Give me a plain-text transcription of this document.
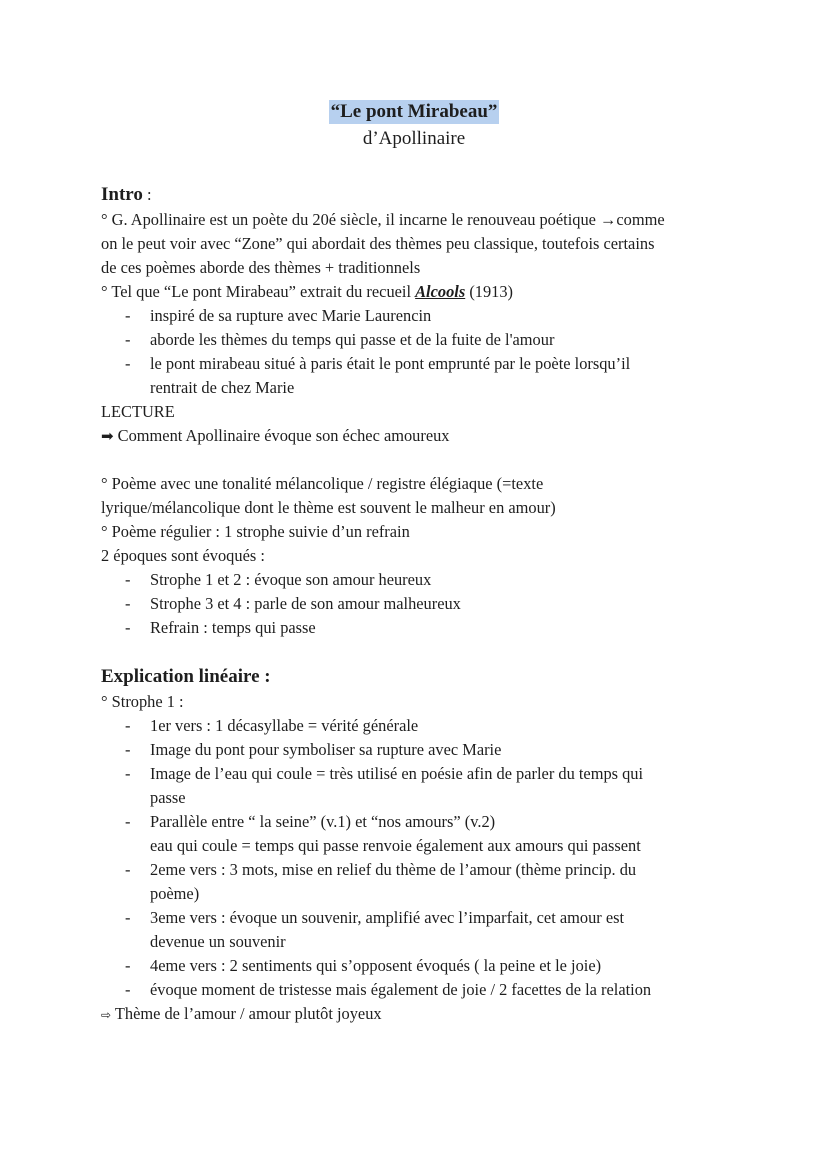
“Le pont Mirabeau”
d’Apollinaire
Intro :
° G. Apollinaire est un poète du 20é siècle, il incarne le renouveau poétique →comme
on le peut voir avec “Zone” qui abordait des thèmes peu classique, toutefois certains
de ces poèmes aborde des thèmes + traditionnels
° Tel que “Le pont Mirabeau” extrait du recueil Alcools (1913)
- inspiré de sa rupture avec Marie Laurencin
- aborde les thèmes du temps qui passe et de la fuite de l'amour
- le pont mirabeau situé à paris était le pont emprunté par le poète lorsqu’il
rentrait de chez Marie
LECTURE
➡ Comment Apollinaire évoque son échec amoureux
° Poème avec une tonalité mélancolique / registre élégiaque (=texte
lyrique/mélancolique dont le thème est souvent le malheur en amour)
° Poème régulier : 1 strophe suivie d’un refrain
2 époques sont évoqués :
- Strophe 1 et 2 : évoque son amour heureux
- Strophe 3 et 4 : parle de son amour malheureux
- Refrain : temps qui passe
Explication linéaire :
° Strophe 1 :
- 1er vers : 1 décasyllabe = vérité générale
- Image du pont pour symboliser sa rupture avec Marie
- Image de l’eau qui coule = très utilisé en poésie afin de parler du temps qui
passe
- Parallèle entre “ la seine” (v.1) et “nos amours” (v.2)
eau qui coule = temps qui passe renvoie également aux amours qui passent
- 2eme vers : 3 mots, mise en relief du thème de l’amour (thème princip. du
poème)
- 3eme vers : évoque un souvenir, amplifié avec l’imparfait, cet amour est
devenue un souvenir
- 4eme vers : 2 sentiments qui s’opposent évoqués ( la peine et le joie)
- évoque moment de tristesse mais également de joie / 2 facettes de la relation
⇨ Thème de l’amour / amour plutôt joyeux
